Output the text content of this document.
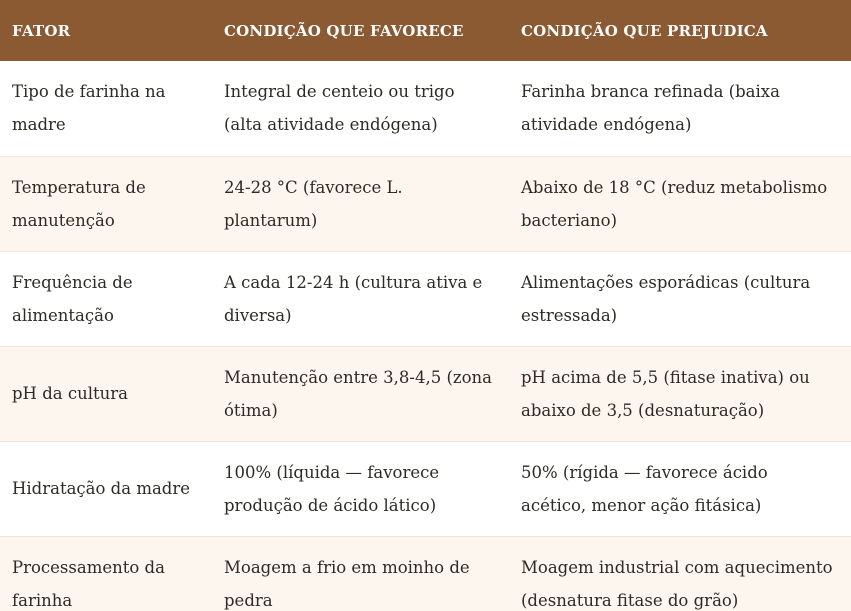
FATOR	CONDIÇÃO QUE FAVORECE	CONDIÇÃO QUE PREJUDICA
Tipo de farinha na madre	Integral de centeio ou trigo (alta atividade endógena)	Farinha branca refinada (baixa atividade endógena)
Temperatura de manutenção	24-28 °C (favorece L. plantarum)	Abaixo de 18 °C (reduz metabolismo bacteriano)
Frequência de alimentação	A cada 12-24 h (cultura ativa e diversa)	Alimentações esporádicas (cultura estressada)
pH da cultura	Manutenção entre 3,8-4,5 (zona ótima)	pH acima de 5,5 (fitase inativa) ou abaixo de 3,5 (desnaturação)
Hidratação da madre	100% (líquida — favorece produção de ácido lático)	50% (rígida — favorece ácido acético, menor ação fitásica)
Processamento da farinha	Moagem a frio em moinho de pedra	Moagem industrial com aquecimento (desnatura fitase do grão)
